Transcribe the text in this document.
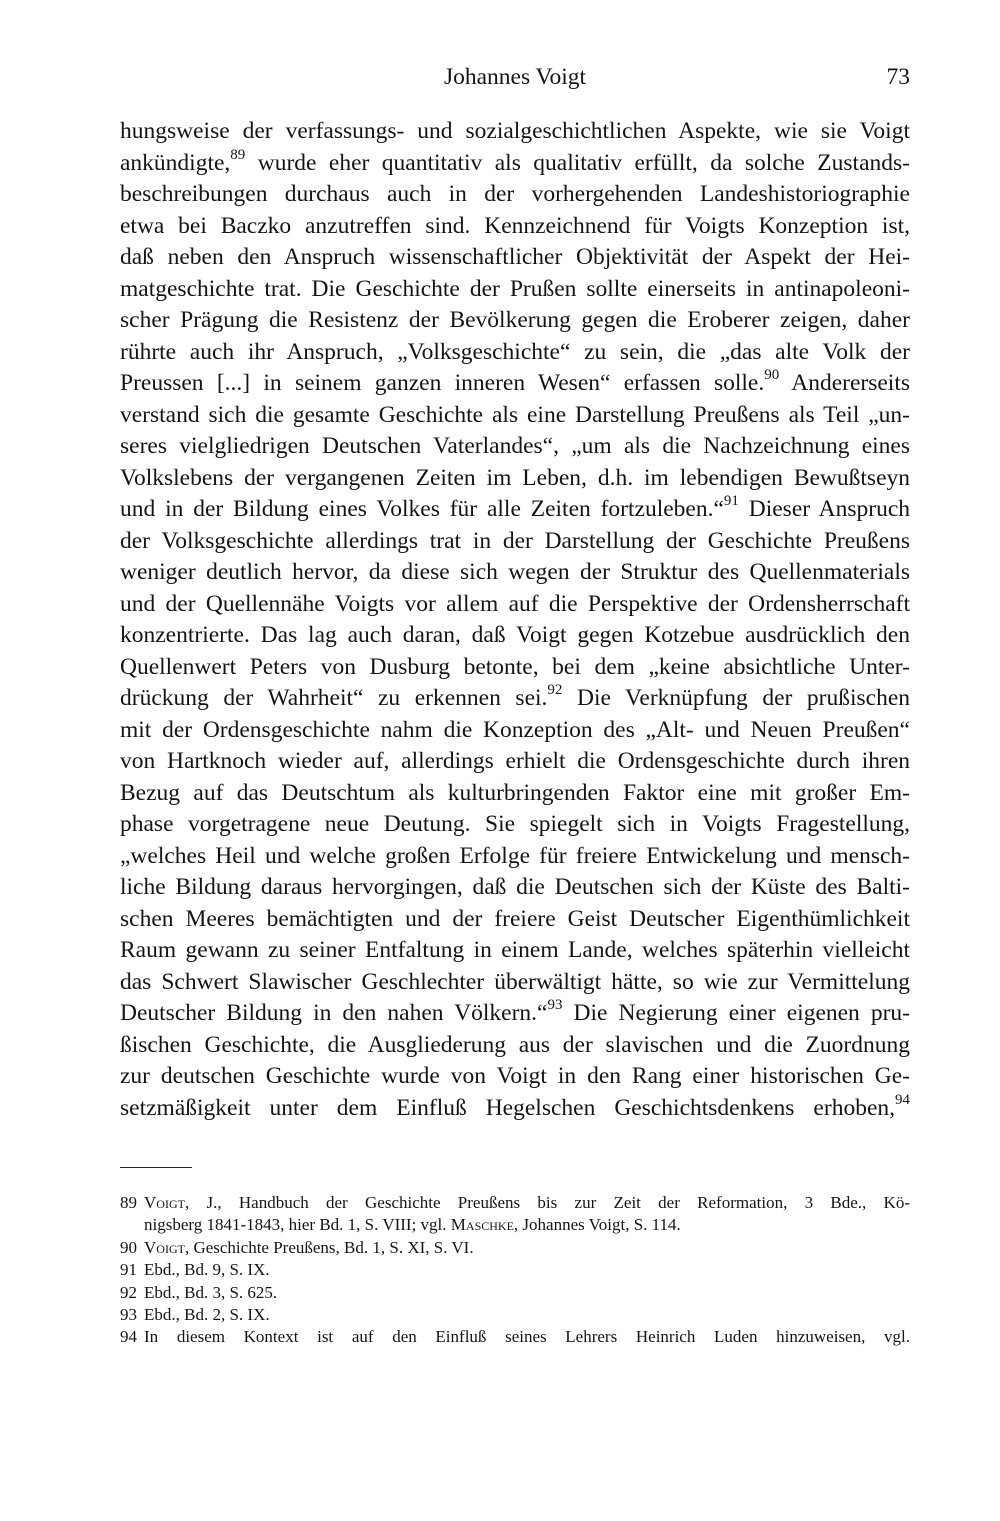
Johannes Voigt	73
hungsweise der verfassungs- und sozialgeschichtlichen Aspekte, wie sie Voigt
ankündigte,$^{89}$ wurde eher quantitativ als qualitativ erfüllt, da solche Zustands-
beschreibungen durchaus auch in der vorhergehenden Landeshistoriographie
etwa bei Baczko anzutreffen sind. Kennzeichnend für Voigts Konzeption ist,
daß neben den Anspruch wissenschaftlicher Objektivität der Aspekt der Hei-
matgeschichte trat. Die Geschichte der Prußen sollte einerseits in antinapoleoni-
scher Prägung die Resistenz der Bevölkerung gegen die Eroberer zeigen, daher
rührte auch ihr Anspruch, „Volksgeschichte“ zu sein, die „das alte Volk der
Preussen [...] in seinem ganzen inneren Wesen“ erfassen solle.$^{90}$ Andererseits
verstand sich die gesamte Geschichte als eine Darstellung Preußens als Teil „un-
seres vielgliedrigen Deutschen Vaterlandes“, „um als die Nachzeichnung eines
Volkslebens der vergangenen Zeiten im Leben, d.h. im lebendigen Bewußtseyn
und in der Bildung eines Volkes für alle Zeiten fortzuleben.“$^{91}$ Dieser Anspruch
der Volksgeschichte allerdings trat in der Darstellung der Geschichte Preußens
weniger deutlich hervor, da diese sich wegen der Struktur des Quellenmaterials
und der Quellennähe Voigts vor allem auf die Perspektive der Ordensherrschaft
konzentrierte. Das lag auch daran, daß Voigt gegen Kotzebue ausdrücklich den
Quellenwert Peters von Dusburg betonte, bei dem „keine absichtliche Unter-
drückung der Wahrheit“ zu erkennen sei.$^{92}$ Die Verknüpfung der prußischen
mit der Ordensgeschichte nahm die Konzeption des „Alt- und Neuen Preußen“
von Hartknoch wieder auf, allerdings erhielt die Ordensgeschichte durch ihren
Bezug auf das Deutschtum als kulturbringenden Faktor eine mit großer Em-
phase vorgetragene neue Deutung. Sie spiegelt sich in Voigts Fragestellung,
„welches Heil und welche großen Erfolge für freiere Entwickelung und mensch-
liche Bildung daraus hervorgingen, daß die Deutschen sich der Küste des Balti-
schen Meeres bemächtigten und der freiere Geist Deutscher Eigenthümlichkeit
Raum gewann zu seiner Entfaltung in einem Lande, welches späterhin vielleicht
das Schwert Slawischer Geschlechter überwältigt hätte, so wie zur Vermittelung
Deutscher Bildung in den nahen Völkern.“$^{93}$ Die Negierung einer eigenen pru-
ßischen Geschichte, die Ausgliederung aus der slavischen und die Zuordnung
zur deutschen Geschichte wurde von Voigt in den Rang einer historischen Ge-
setzmäßigkeit unter dem Einfluß Hegelschen Geschichtsdenkens erhoben,$^{94}$
89 Voigt, J., Handbuch der Geschichte Preußens bis zur Zeit der Reformation, 3 Bde., Kö-
nigsberg 1841-1843, hier Bd. 1, S. VIII; vgl. Maschke, Johannes Voigt, S. 114.
90 Voigt, Geschichte Preußens, Bd. 1, S. XI, S. VI.
91 Ebd., Bd. 9, S. IX.
92 Ebd., Bd. 3, S. 625.
93 Ebd., Bd. 2, S. IX.
94 In diesem Kontext ist auf den Einfluß seines Lehrers Heinrich Luden hinzuweisen, vgl.
